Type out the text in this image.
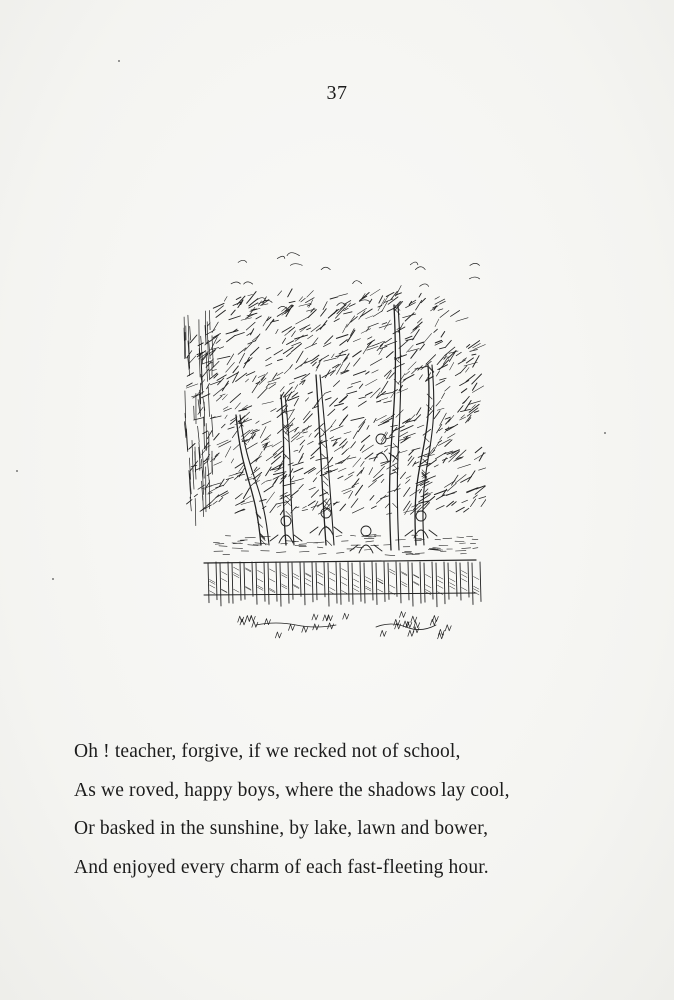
37
Oh ! teacher, forgive, if we recked not of school,
As we roved, happy boys, where the shadows lay cool,
Or basked in the sunshine, by lake, lawn and bower,
And enjoyed every charm of each fast-fleeting hour.
